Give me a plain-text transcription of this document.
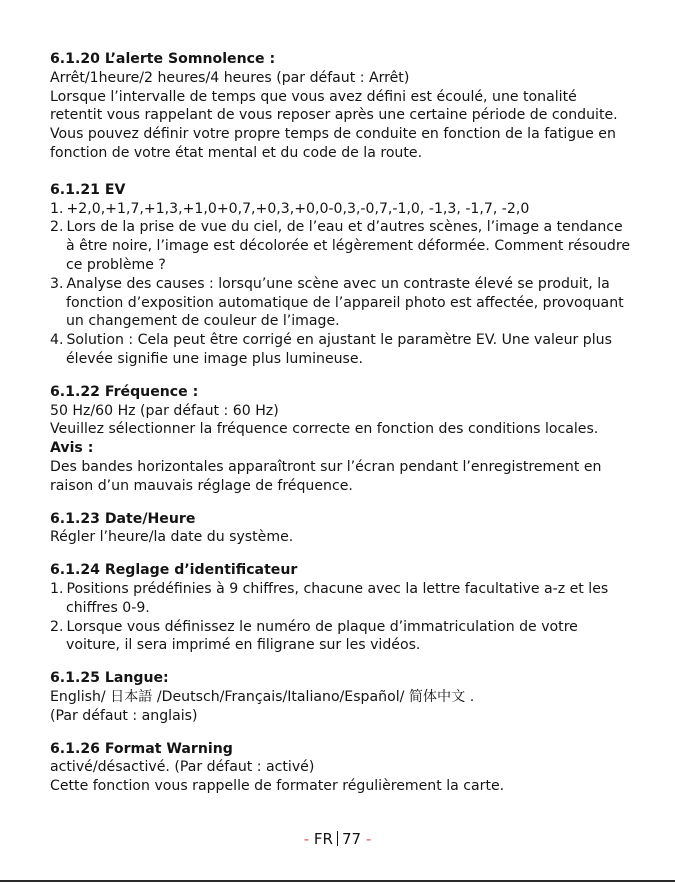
6.1.20 L’alerte Somnolence :
Arrêt/1heure/2 heures/4 heures (par défaut : Arrêt)
Lorsque l’intervalle de temps que vous avez défini est écoulé, une tonalité retentit vous rappelant de vous reposer après une certaine période de conduite. Vous pouvez définir votre propre temps de conduite en fonction de la fatigue en fonction de votre état mental et du code de la route.
6.1.21 EV
1. +2,0,+1,7,+1,3,+1,0+0,7,+0,3,+0,0-0,3,-0,7,-1,0, -1,3, -1,7, -2,0
2. Lors de la prise de vue du ciel, de l’eau et d’autres scènes, l’image a tendance à être noire, l’image est décolorée et légèrement déformée. Comment résoudre ce problème ?
3. Analyse des causes : lorsqu’une scène avec un contraste élevé se produit, la fonction d’exposition automatique de l’appareil photo est affectée, provoquant un changement de couleur de l’image.
4. Solution : Cela peut être corrigé en ajustant le paramètre EV. Une valeur plus élevée signifie une image plus lumineuse.
6.1.22 Fréquence :
50 Hz/60 Hz (par défaut : 60 Hz)
Veuillez sélectionner la fréquence correcte en fonction des conditions locales.
Avis :
Des bandes horizontales apparaîtront sur l’écran pendant l’enregistrement en raison d’un mauvais réglage de fréquence.
6.1.23 Date/Heure
Régler l’heure/la date du système.
6.1.24 Reglage d’identificateur
1. Positions prédéfinies à 9 chiffres, chacune avec la lettre facultative a-z et les chiffres 0-9.
2. Lorsque vous définissez le numéro de plaque d’immatriculation de votre voiture, il sera imprimé en filigrane sur les vidéos.
6.1.25 Langue:
English/ 日本語 /Deutsch/Français/Italiano/Español/ 简体中文 .
(Par défaut : anglais)
6.1.26 Format Warning
activé/désactivé. (Par défaut : activé)
Cette fonction vous rappelle de formater régulièrement la carte.
- FR 77 -
